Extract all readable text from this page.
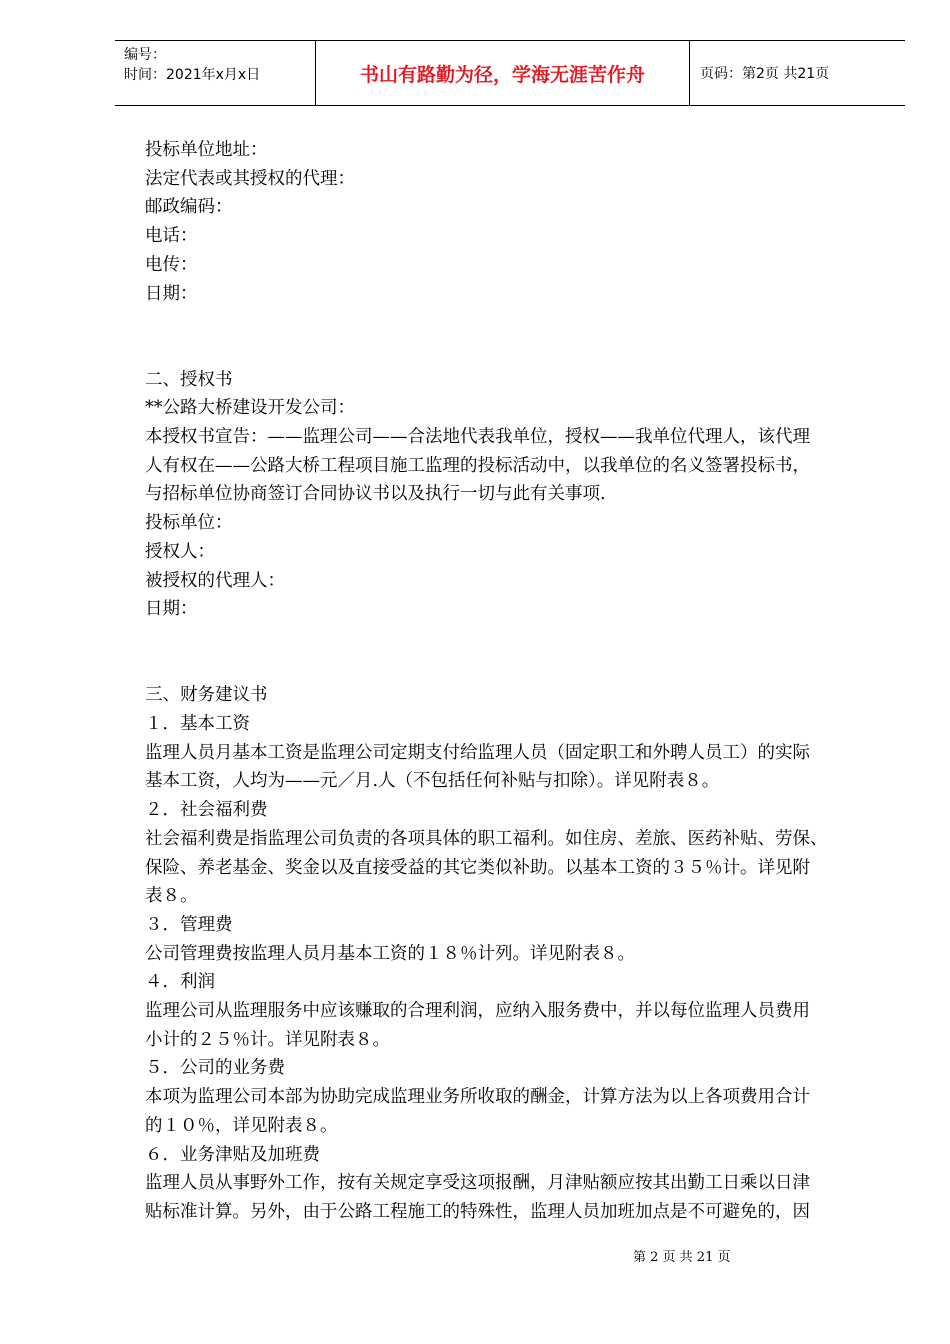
编号：
时间：2021年x月x日	书山有路勤为径，学海无涯苦作舟	页码：第2页 共21页

投标单位地址：

法定代表或其授权的代理：

邮政编码：

电话：

电传：

日期：

二、授权书

**公路大桥建设开发公司：

本授权书宣告：——监理公司——合法地代表我单位，授权——我单位代理人，该代理

人有权在——公路大桥工程项目施工监理的投标活动中，以我单位的名义签署投标书，

与招标单位协商签订合同协议书以及执行一切与此有关事项.

投标单位：

授权人：

被授权的代理人：

日期：

三、财务建议书

１．基本工资

监理人员月基本工资是监理公司定期支付给监理人员（固定职工和外聘人员工）的实际

基本工资，人均为——元／月.人（不包括任何补贴与扣除）。详见附表８。

２．社会福利费

社会福利费是指监理公司负责的各项具体的职工福利。如住房、差旅、医药补贴、劳保、

保险、养老基金、奖金以及直接受益的其它类似补助。以基本工资的３５％计。详见附

表８。

３．管理费

公司管理费按监理人员月基本工资的１８％计列。详见附表８。

４．利润

监理公司从监理服务中应该赚取的合理利润，应纳入服务费中，并以每位监理人员费用

小计的２５％计。详见附表８。

５．公司的业务费

本项为监理公司本部为协助完成监理业务所收取的酬金，计算方法为以上各项费用合计

的１０％，详见附表８。

６．业务津贴及加班费

监理人员从事野外工作，按有关规定享受这项报酬，月津贴额应按其出勤工日乘以日津

贴标准计算。另外，由于公路工程施工的特殊性，监理人员加班加点是不可避免的，因

第 2 页 共 21 页
